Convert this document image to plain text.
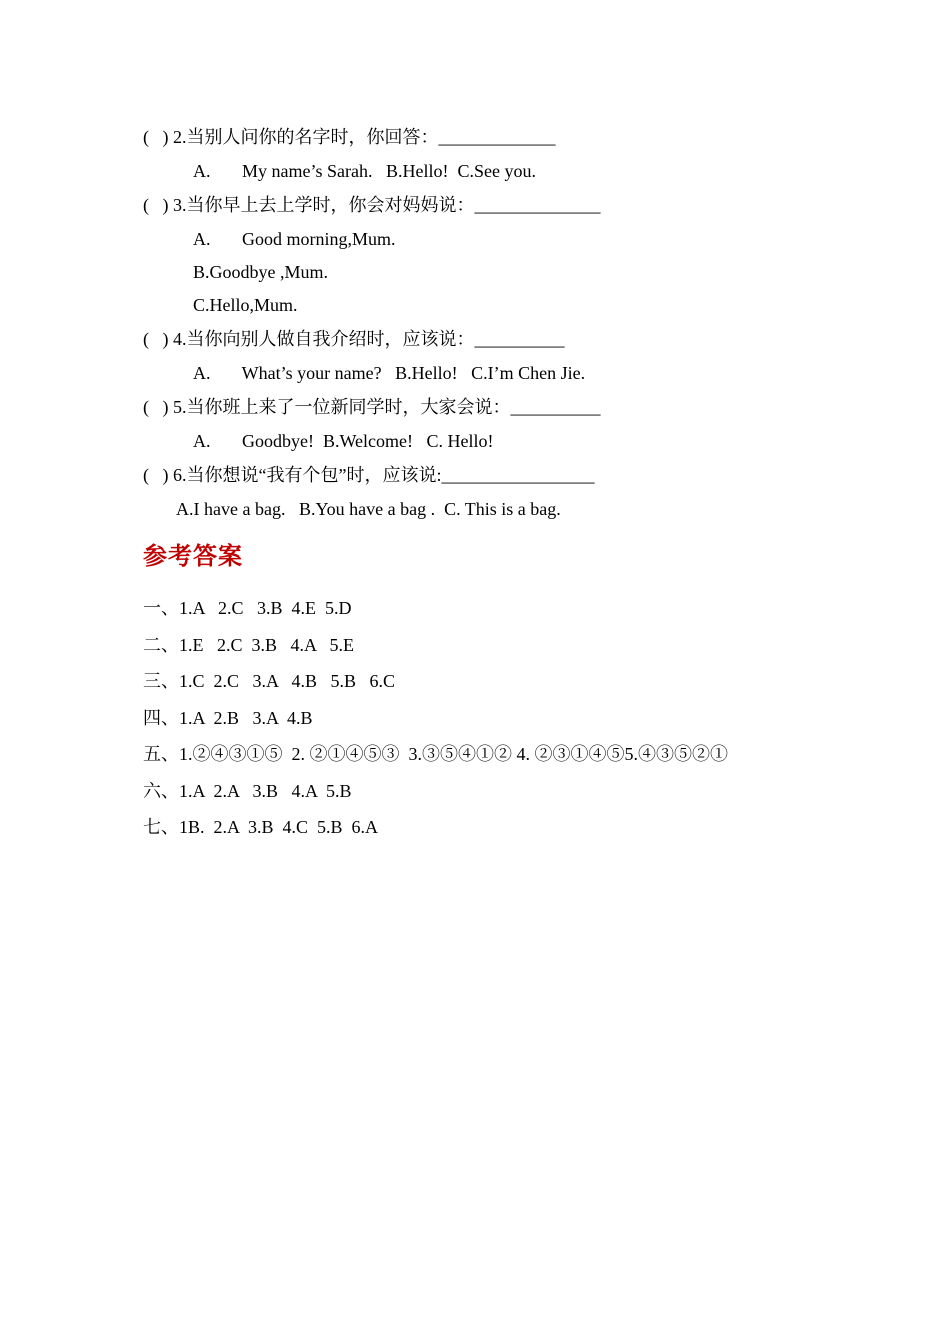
(   ) 2.当别人问你的名字时，你回答：_____________
A.       My name’s Sarah.   B.Hello!  C.See you.
(   ) 3.当你早上去上学时，你会对妈妈说：______________
A.       Good morning,Mum.
B.Goodbye ,Mum.
C.Hello,Mum.
(   ) 4.当你向别人做自我介绍时，应该说：__________
A.       What’s your name?   B.Hello!   C.I’m Chen Jie.
(   ) 5.当你班上来了一位新同学时，大家会说：__________
A.       Goodbye!  B.Welcome!   C. Hello!
(   ) 6.当你想说“我有个包”时，应该说:_________________
A.I have a bag.   B.You have a bag .  C. This is a bag.
参考答案
一、1.A   2.C   3.B  4.E  5.D
二、1.E   2.C  3.B   4.A   5.E
三、1.C  2.C   3.A   4.B   5.B   6.C
四、1.A  2.B   3.A  4.B
五、1.②④③①⑤  2. ②①④⑤③  3.③⑤④①② 4. ②③①④⑤5.④③⑤②①
六、1.A  2.A   3.B   4.A  5.B
七、1B.  2.A  3.B  4.C  5.B  6.A
